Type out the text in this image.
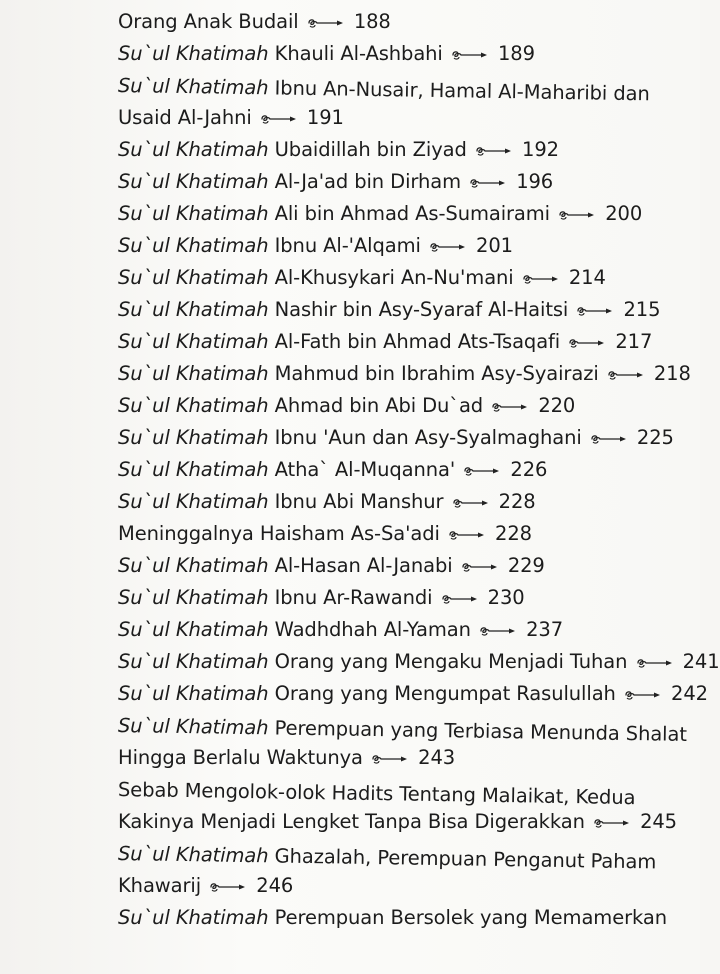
Orang Anak Budail	188
Su`ul Khatimah Khauli Al-Ashbahi	189
Su`ul Khatimah Ibnu An-Nusair, Hamal Al-Maharibi dan
Usaid Al-Jahni	191
Su`ul Khatimah Ubaidillah bin Ziyad	192
Su`ul Khatimah Al-Ja'ad bin Dirham	196
Su`ul Khatimah Ali bin Ahmad As-Sumairami	200
Su`ul Khatimah Ibnu Al-'Alqami	201
Su`ul Khatimah Al-Khusykari An-Nu'mani	214
Su`ul Khatimah Nashir bin Asy-Syaraf Al-Haitsi	215
Su`ul Khatimah Al-Fath bin Ahmad Ats-Tsaqafi	217
Su`ul Khatimah Mahmud bin Ibrahim Asy-Syairazi	218
Su`ul Khatimah Ahmad bin Abi Du`ad	220
Su`ul Khatimah Ibnu 'Aun dan Asy-Syalmaghani	225
Su`ul Khatimah Atha` Al-Muqanna'	226
Su`ul Khatimah Ibnu Abi Manshur	228
Meninggalnya Haisham As-Sa'adi	228
Su`ul Khatimah Al-Hasan Al-Janabi	229
Su`ul Khatimah Ibnu Ar-Rawandi	230
Su`ul Khatimah Wadhdhah Al-Yaman	237
Su`ul Khatimah Orang yang Mengaku Menjadi Tuhan	241
Su`ul Khatimah Orang yang Mengumpat Rasulullah	242
Su`ul Khatimah Perempuan yang Terbiasa Menunda Shalat
Hingga Berlalu Waktunya	243
Sebab Mengolok-olok Hadits Tentang Malaikat, Kedua
Kakinya Menjadi Lengket Tanpa Bisa Digerakkan	245
Su`ul Khatimah Ghazalah, Perempuan Penganut Paham
Khawarij	246
Su`ul Khatimah Perempuan Bersolek yang Memamerkan
